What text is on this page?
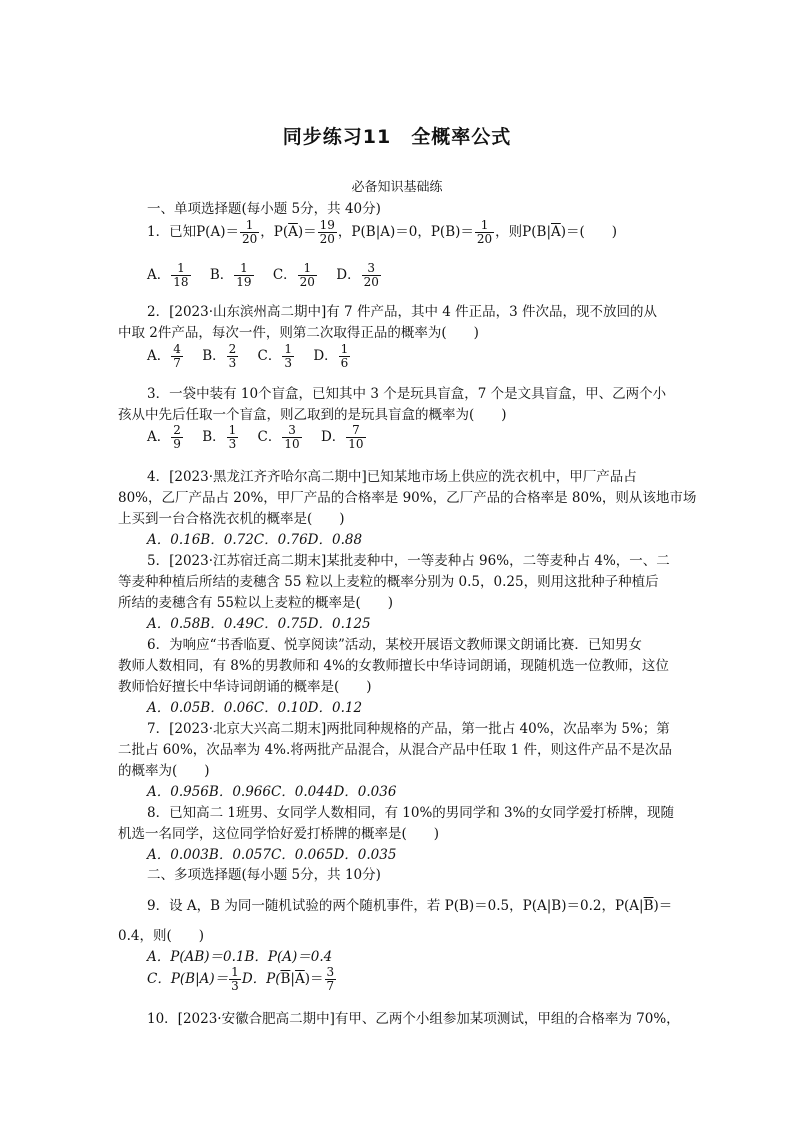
同步练习11　全概率公式
必备知识基础练
一、单项选择题(每小题 5分，共 40分)
1．已知$P(A)= \frac{1}{20}$ ，$P(\overline{A})= \frac{19}{20}$ ，P(B|A)＝0，$P(B)= \frac{1}{20}$ ，则$P(B|\overline{A})=$(　　)
A． $\frac{1}{18}$ B． $\frac{1}{19}$ C． $\frac{1}{20}$ D． $\frac{3}{20}$
2．[2023·山东滨州高二期中]有 7 件产品，其中 4 件正品，3 件次品，现不放回的从
中取 2件产品，每次一件，则第二次取得正品的概率为(　　)
A． $\frac{4}{7}$ B． $\frac{2}{3}$ C． $\frac{1}{3}$ D． $\frac{1}{6}$
3．一袋中装有 10个盲盒，已知其中 3 个是玩具盲盒，7 个是文具盲盒，甲、乙两个小
孩从中先后任取一个盲盒，则乙取到的是玩具盲盒的概率为(　　)
A． $\frac{2}{9}$ B． $\frac{1}{3}$ C． $\frac{3}{10}$ D． $\frac{7}{10}$
4．[2023·黑龙江齐齐哈尔高二期中]已知某地市场上供应的洗衣机中，甲厂产品占
80%，乙厂产品占 20%，甲厂产品的合格率是 90%，乙厂产品的合格率是 80%，则从该地市场
上买到一台合格洗衣机的概率是(　　)
A．0.16B．0.72C．0.76D．0.88
5．[2023·江苏宿迁高二期末]某批麦种中，一等麦种占 96%，二等麦种占 4%，一、二
等麦种种植后所结的麦穗含 55 粒以上麦粒的概率分别为 0.5，0.25，则用这批种子种植后
所结的麦穗含有 55粒以上麦粒的概率是(　　)
A．0.58B．0.49C．0.75D．0.125
6．为响应“书香临夏、悦享阅读”活动，某校开展语文教师课文朗诵比赛．已知男女
教师人数相同，有 8%的男教师和 4%的女教师擅长中华诗词朗诵，现随机选一位教师，这位
教师恰好擅长中华诗词朗诵的概率是(　　)
A．0.05B．0.06C．0.10D．0.12
7．[2023·北京大兴高二期末]两批同种规格的产品，第一批占 40%，次品率为 5%；第
二批占 60%，次品率为 4%.将两批产品混合，从混合产品中任取 1 件，则这件产品不是次品
的概率为(　　)
A．0.956B．0.966C．0.044D．0.036
8．已知高二 1班男、女同学人数相同，有 10%的男同学和 3%的女同学爱打桥牌，现随
机选一名同学，这位同学恰好爱打桥牌的概率是(　　)
A．0.003B．0.057C．0.065D．0.035
二、多项选择题(每小题 5分，共 10分)
9．设 A，B 为同一随机试验的两个随机事件，若 P(B)＝0.5，P(A|B)＝0.2，$P(A|\overline{B})=$
0.4，则(　　)
A．P(AB)＝0.1B．P(A)＝0.4
C．$P(B|A)= \frac{1}{3}$ D．$P(\overline{B}|\overline{A})= \frac{3}{7}$
10．[2023·安徽合肥高二期中]有甲、乙两个小组参加某项测试，甲组的合格率为 70%，
